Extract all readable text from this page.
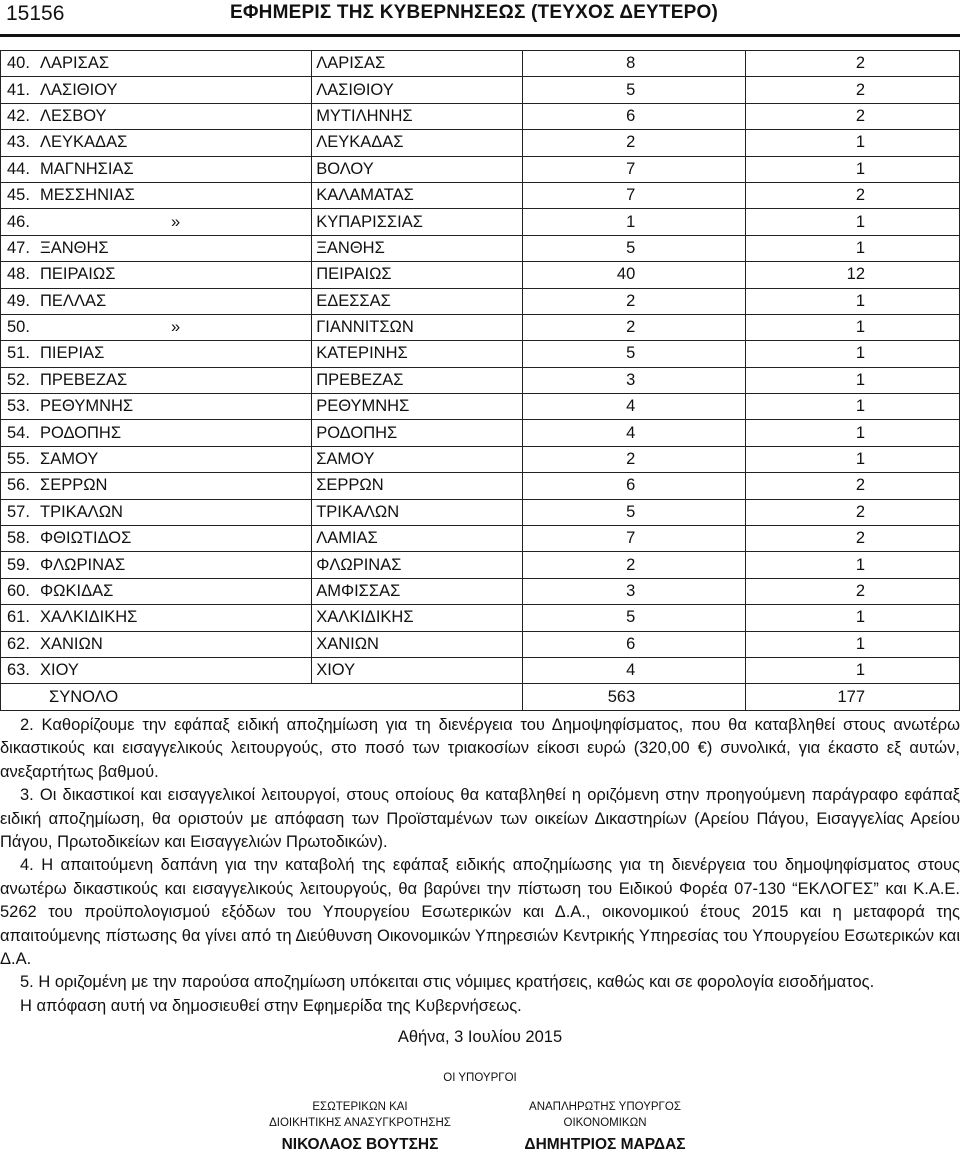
15156	ΕΦΗΜΕΡΙΣ ΤΗΣ ΚΥΒΕΡΝΗΣΕΩΣ (ΤΕΥΧΟΣ ΔΕΥΤΕΡΟ)
40.	ΛΑΡΙΣΑΣ	ΛΑΡΙΣΑΣ	8	2
41.	ΛΑΣΙΘΙΟΥ	ΛΑΣΙΘΙΟΥ	5	2
42.	ΛΕΣΒΟΥ	ΜΥΤΙΛΗΝΗΣ	6	2
43.	ΛΕΥΚΑΔΑΣ	ΛΕΥΚΑΔΑΣ	2	1
44.	ΜΑΓΝΗΣΙΑΣ	ΒΟΛΟΥ	7	1
45.	ΜΕΣΣΗΝΙΑΣ	ΚΑΛΑΜΑΤΑΣ	7	2
46.	»	ΚΥΠΑΡΙΣΣΙΑΣ	1	1
47.	ΞΑΝΘΗΣ	ΞΑΝΘΗΣ	5	1
48.	ΠΕΙΡΑΙΩΣ	ΠΕΙΡΑΙΩΣ	40	12
49.	ΠΕΛΛΑΣ	ΕΔΕΣΣΑΣ	2	1
50.	»	ΓΙΑΝΝΙΤΣΩΝ	2	1
51.	ΠΙΕΡΙΑΣ	ΚΑΤΕΡΙΝΗΣ	5	1
52.	ΠΡΕΒΕΖΑΣ	ΠΡΕΒΕΖΑΣ	3	1
53.	ΡΕΘΥΜΝΗΣ	ΡΕΘΥΜΝΗΣ	4	1
54.	ΡΟΔΟΠΗΣ	ΡΟΔΟΠΗΣ	4	1
55.	ΣΑΜΟΥ	ΣΑΜΟΥ	2	1
56.	ΣΕΡΡΩΝ	ΣΕΡΡΩΝ	6	2
57.	ΤΡΙΚΑΛΩΝ	ΤΡΙΚΑΛΩΝ	5	2
58.	ΦΘΙΩΤΙΔΟΣ	ΛΑΜΙΑΣ	7	2
59.	ΦΛΩΡΙΝΑΣ	ΦΛΩΡΙΝΑΣ	2	1
60.	ΦΩΚΙΔΑΣ	ΑΜΦΙΣΣΑΣ	3	2
61.	ΧΑΛΚΙΔΙΚΗΣ	ΧΑΛΚΙΔΙΚΗΣ	5	1
62.	ΧΑΝΙΩΝ	ΧΑΝΙΩΝ	6	1
63.	ΧΙΟΥ	ΧΙΟΥ	4	1
ΣΥΝΟΛΟ			563	177

2. Καθορίζουμε την εφάπαξ ειδική αποζημίωση για τη διενέργεια του Δημοψηφίσματος, που θα καταβληθεί στους ανωτέρω δικαστικούς και εισαγγελικούς λειτουργούς, στο ποσό των τριακοσίων είκοσι ευρώ (320,00 €) συνολικά, για έκαστο εξ αυτών, ανεξαρτήτως βαθμού.

3. Οι δικαστικοί και εισαγγελικοί λειτουργοί, στους οποίους θα καταβληθεί η οριζόμενη στην προηγούμενη παράγραφο εφάπαξ ειδική αποζημίωση, θα οριστούν με απόφαση των Προϊσταμένων των οικείων Δικαστηρίων (Αρείου Πάγου, Εισαγγελίας Αρείου Πάγου, Πρωτοδικείων και Εισαγγελιών Πρωτοδικών).

4. Η απαιτούμενη δαπάνη για την καταβολή της εφάπαξ ειδικής αποζημίωσης για τη διενέργεια του δημοψηφίσματος στους ανωτέρω δικαστικούς και εισαγγελικούς λειτουργούς, θα βαρύνει την πίστωση του Ειδικού Φορέα 07-130 “ΕΚΛΟΓΕΣ” και Κ.Α.Ε. 5262 του προϋπολογισμού εξόδων του Υπουργείου Εσωτερικών και Δ.Α., οικονομικού έτους 2015 και η μεταφορά της απαιτούμενης πίστωσης θα γίνει από τη Διεύθυνση Οικονομικών Υπηρεσιών Κεντρικής Υπηρεσίας του Υπουργείου Εσωτερικών και Δ.Α.

5. Η οριζομένη με την παρούσα αποζημίωση υπόκειται στις νόμιμες κρατήσεις, καθώς και σε φορολογία εισοδήματος.

Η απόφαση αυτή να δημοσιευθεί στην Εφημερίδα της Κυβερνήσεως.

Αθήνα, 3 Ιουλίου 2015
ΟΙ ΥΠΟΥΡΓΟΙ
ΕΣΩΤΕΡΙΚΩΝ ΚΑΙ
ΔΙΟΙΚΗΤΙΚΗΣ ΑΝΑΣΥΓΚΡΟΤΗΣΗΣ
ΝΙΚΟΛΑΟΣ ΒΟΥΤΣΗΣ
ΑΝΑΠΛΗΡΩΤΗΣ ΥΠΟΥΡΓΟΣ
ΟΙΚΟΝΟΜΙΚΩΝ
ΔΗΜΗΤΡΙΟΣ ΜΑΡΔΑΣ
